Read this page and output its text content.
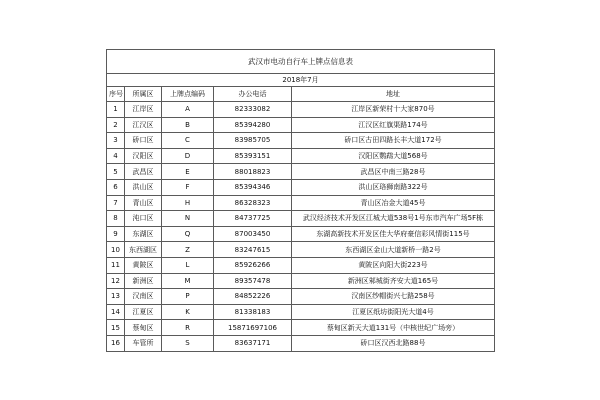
武汉市电动自行车上牌点信息表				
2018年7月				
序号	所属区	上牌点编码	办公电话	地址
1	江岸区	A	82333082	江岸区新荣村十大家870号
2	江汉区	B	85394280	江汉区红旗渠路174号
3	硚口区	C	83985705	硚口区古田四路长丰大道172号
4	汉阳区	D	85393151	汉阳区鹦鹉大道568号
5	武昌区	E	88018823	武昌区中南三路28号
6	洪山区	F	85394346	洪山区珞狮南路322号
7	青山区	H	86328323	青山区冶金大道45号
8	沌口区	N	84737725	武汉经济技术开发区江城大道538号1号东市汽车广场5F栋
9	东湖区	Q	87003450	东湖高新技术开发区佳大华府豪信彩风情街115号
10	东西湖区	Z	83247615	东西湖区金山大道新桥一路2号
11	黄陂区	L	85926266	黄陂区向阳大街223号
12	新洲区	M	89357478	新洲区邾城街齐安大道165号
13	汉南区	P	84852226	汉南区纱帽街兴七路258号
14	江夏区	K	81338183	江夏区纸坊街阳光大道4号
15	蔡甸区	R	15871697106	蔡甸区新天大道131号（中核世纪广场旁）
16	车管所	S	83637171	硚口区汉西北路88号
